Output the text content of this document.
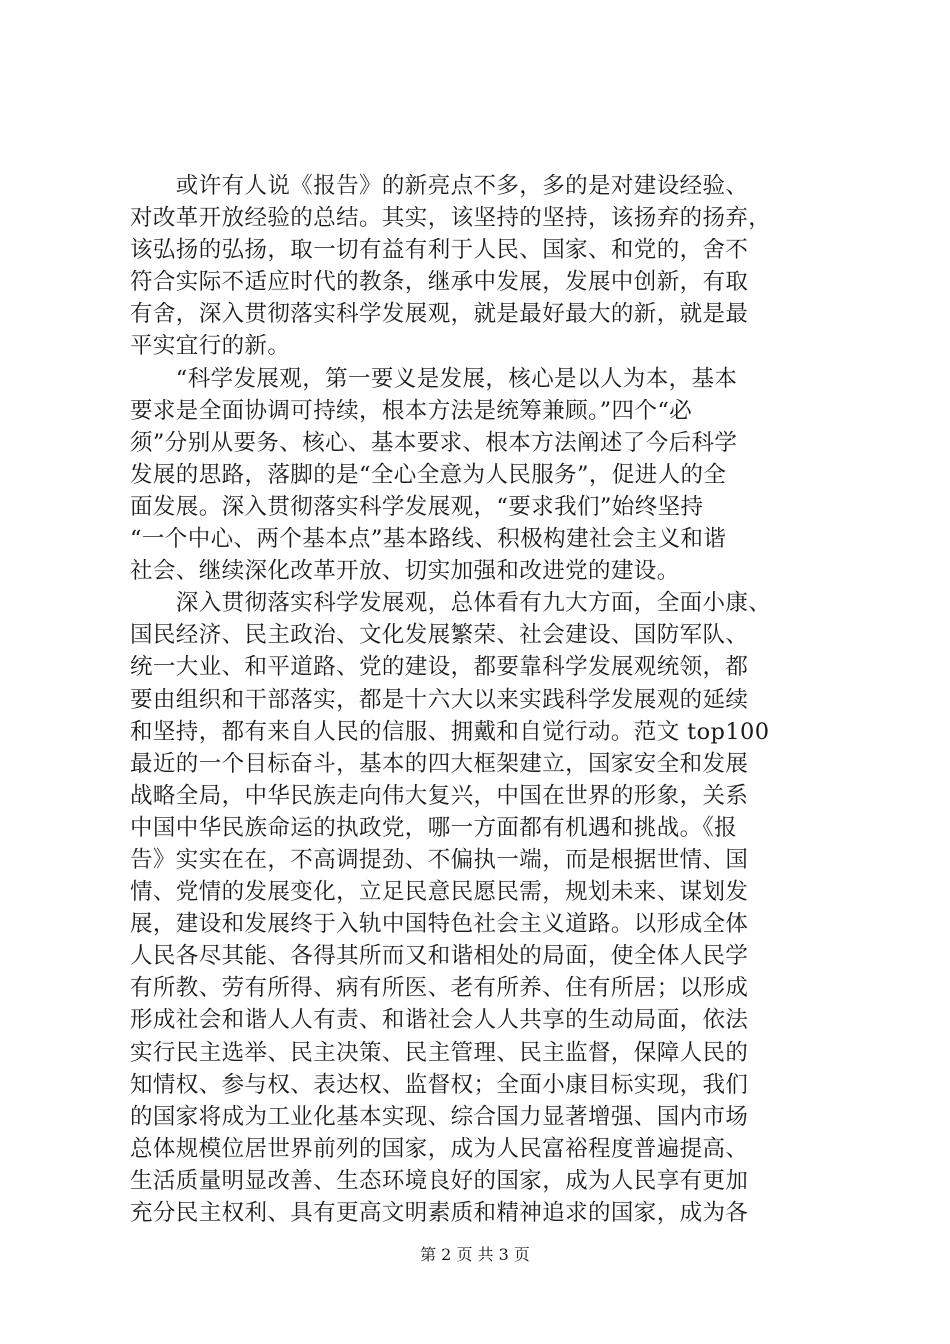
　　或许有人说《报告》的新亮点不多，多的是对建设经验、
对改革开放经验的总结。其实，该坚持的坚持，该扬弃的扬弃，
该弘扬的弘扬，取一切有益有利于人民、国家、和党的，舍不
符合实际不适应时代的教条，继承中发展，发展中创新，有取
有舍，深入贯彻落实科学发展观，就是最好最大的新，就是最
平实宜行的新。
　　“科学发展观，第一要义是发展，核心是以人为本，基本
要求是全面协调可持续，根本方法是统筹兼顾。”四个“必
须”分别从要务、核心、基本要求、根本方法阐述了今后科学
发展的思路，落脚的是“全心全意为人民服务”，促进人的全
面发展。深入贯彻落实科学发展观，“要求我们”始终坚持
“一个中心、两个基本点”基本路线、积极构建社会主义和谐
社会、继续深化改革开放、切实加强和改进党的建设。
　　深入贯彻落实科学发展观，总体看有九大方面，全面小康、
国民经济、民主政治、文化发展繁荣、社会建设、国防军队、
统一大业、和平道路、党的建设，都要靠科学发展观统领，都
要由组织和干部落实，都是十六大以来实践科学发展观的延续
和坚持，都有来自人民的信服、拥戴和自觉行动。范文 top100
最近的一个目标奋斗，基本的四大框架建立，国家安全和发展
战略全局，中华民族走向伟大复兴，中国在世界的形象，关系
中国中华民族命运的执政党，哪一方面都有机遇和挑战。《报
告》实实在在，不高调提劲、不偏执一端，而是根据世情、国
情、党情的发展变化，立足民意民愿民需，规划未来、谋划发
展，建设和发展终于入轨中国特色社会主义道路。以形成全体
人民各尽其能、各得其所而又和谐相处的局面，使全体人民学
有所教、劳有所得、病有所医、老有所养、住有所居；以形成
形成社会和谐人人有责、和谐社会人人共享的生动局面，依法
实行民主选举、民主决策、民主管理、民主监督，保障人民的
知情权、参与权、表达权、监督权；全面小康目标实现，我们
的国家将成为工业化基本实现、综合国力显著增强、国内市场
总体规模位居世界前列的国家，成为人民富裕程度普遍提高、
生活质量明显改善、生态环境良好的国家，成为人民享有更加
充分民主权利、具有更高文明素质和精神追求的国家，成为各
第 2 页 共 3 页
